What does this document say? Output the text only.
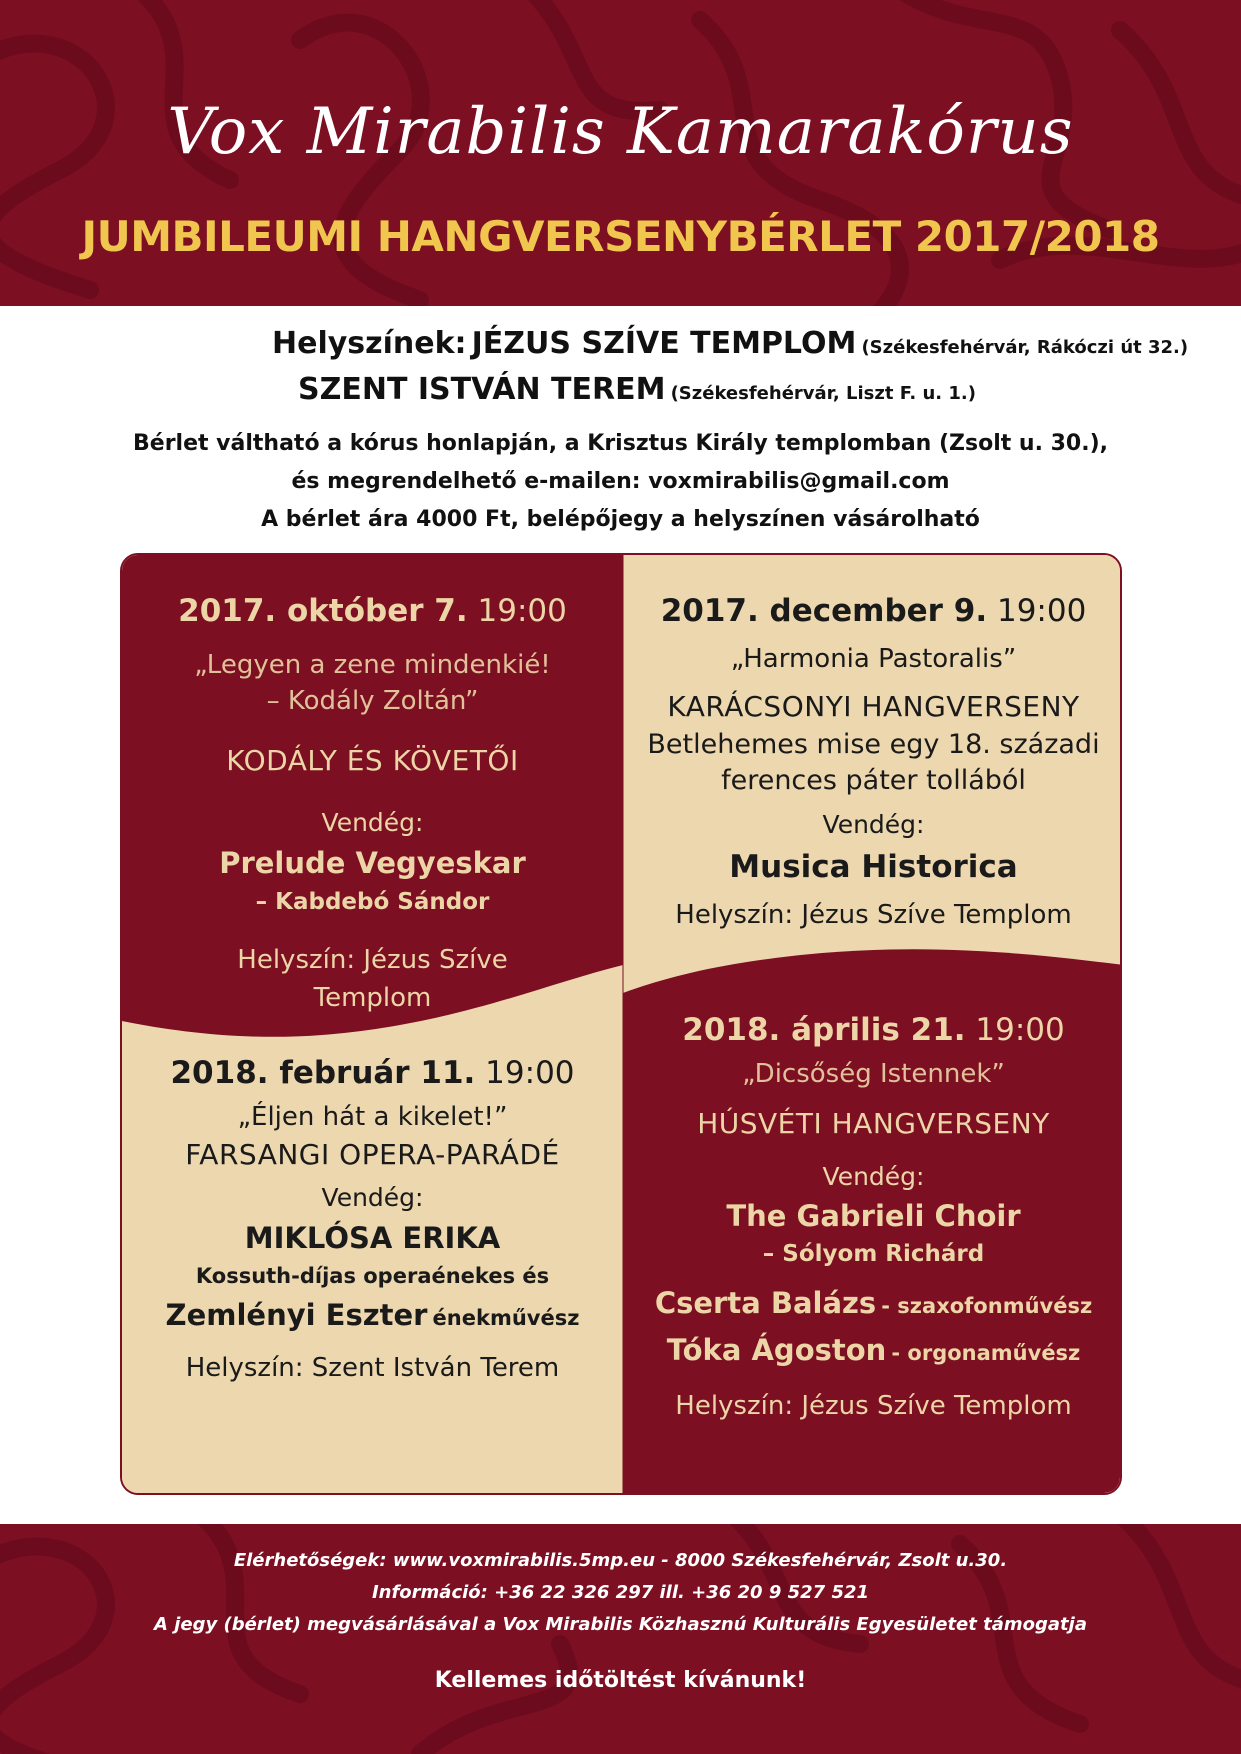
Vox Mirabilis Kamarakórus
JUMBILEUMI HANGVERSENYBÉRLET 2017/2018
Helyszínek: JÉZUS SZÍVE TEMPLOM (Székesfehérvár, Rákóczi út 32.)
SZENT ISTVÁN TEREM (Székesfehérvár, Liszt F. u. 1.)
Bérlet váltható a kórus honlapján, a Krisztus Király templomban (Zsolt u. 30.),
és megrendelhető e-mailen: voxmirabilis@gmail.com
A bérlet ára 4000 Ft, belépőjegy a helyszínen vásárolható
2017. október 7. 19:00
„Legyen a zene mindenkié!
– Kodály Zoltán”
KODÁLY ÉS KÖVETŐI
Vendég:
Prelude Vegyeskar
– Kabdebó Sándor
Helyszín: Jézus Szíve
Templom
2017. december 9. 19:00
„Harmonia Pastoralis”
KARÁCSONYI HANGVERSENY
Betlehemes mise egy 18. századi
ferences páter tollából
Vendég:
Musica Historica
Helyszín: Jézus Szíve Templom
2018. február 11. 19:00
„Éljen hát a kikelet!”
FARSANGI OPERA-PARÁDÉ
Vendég:
MIKLÓSA ERIKA
Kossuth-díjas operaénekes és
Zemlényi Eszter énekművész
Helyszín: Szent István Terem
2018. április 21. 19:00
„Dicsőség Istennek”
HÚSVÉTI HANGVERSENY
Vendég:
The Gabrieli Choir
– Sólyom Richárd
Cserta Balázs - szaxofonművész
Tóka Ágoston - orgonaművész
Helyszín: Jézus Szíve Templom
Elérhetőségek: www.voxmirabilis.5mp.eu - 8000 Székesfehérvár, Zsolt u.30.
Információ: +36 22 326 297 ill. +36 20 9 527 521
A jegy (bérlet) megvásárlásával a Vox Mirabilis Közhasznú Kulturális Egyesületet támogatja
Kellemes időtöltést kívánunk!
